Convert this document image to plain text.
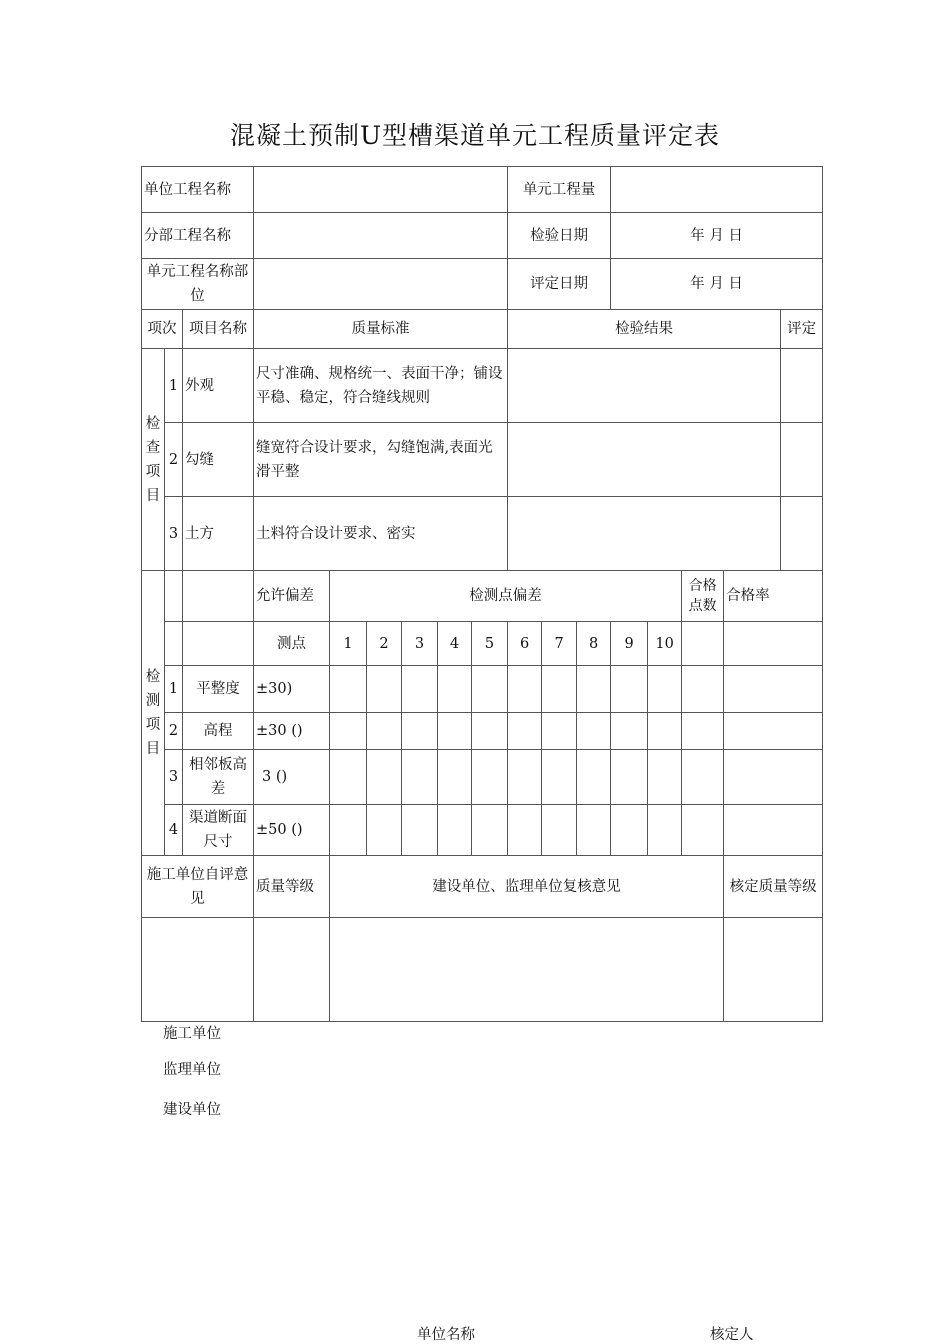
混凝土预制U型槽渠道单元工程质量评定表
单位工程名称									单元工程量								
分部工程名称									检验日期			年 月 日					
单元工程名称部位									评定日期			年 月 日					
项次		项目名称	质量标准						检验结果							评定	

检
查
项
目	1	外观	尺寸准确、规格统一、表面干净；铺设平稳、稳定，符合缝线规则														
	2	勾缝	缝宽符合设计要求，勾缝饱满,表面光滑平整														
	3	土方	土料符合设计要求、密实														

检
测
项
目			允许偏差	检测点偏差										合格点数	合格率		
			测点	1	2	3	4	5	6	7	8	9	10				
	1	平整度	±30)														
	2	高程	±30 ()														
	3	相邻板高差	3 ()														
	4	渠道断面尺寸	±50 ()														
施工单位自评意见			质量等级	建设单位、监理单位复核意见											核定质量等级		

施工单位
监理单位
建设单位
单位名称	核定人
